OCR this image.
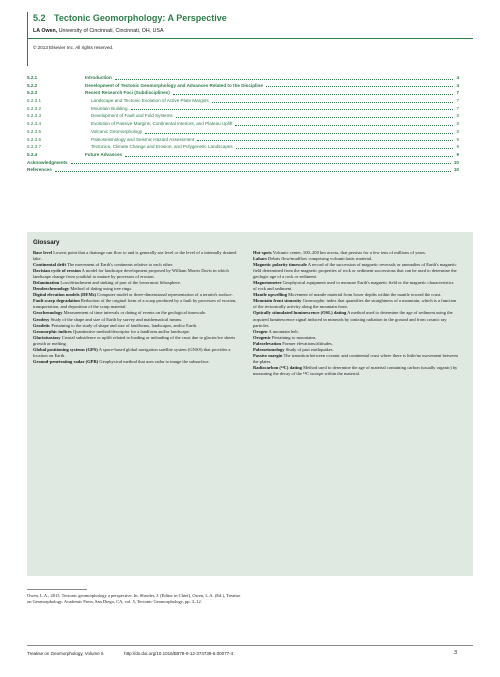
5.2 Tectonic Geomorphology: A Perspective
LA Owen, University of Cincinnati, Cincinnati, OH, USA
© 2013 Elsevier Inc. All rights reserved.
5.2.1	Introduction	4
5.2.2	Development of Tectonic Geomorphology and Advances Related to the Discipline	4
5.2.3	Recent Research Foci (Subdisciplines)	7
5.2.3.1	Landscape and Tectonic Evolution of Active Plate Margins	7
5.2.3.2	Mountain Building	7
5.2.3.3	Development of Fault and Fold Systems	8
5.2.3.4	Evolution of Passive Margins, Continental Interiors, and Plateau Uplift	8
5.2.3.5	Volcanic Geomorphology	8
5.2.3.6	Paleoseismology and Seismic Hazard Assessment	9
5.2.3.7	Tectonics, Climate Change and Erosion, and Polygenetic Landscapes	9
5.2.4	Future Advances	9
Acknowledgments	10
References	10
Glossary

Base level Lowest point that a drainage can flow to and is generally sea level or the level of a internally drained lake.

Continental drift The movement of Earth's continents relative to each other.

Davisian cycle of erosion A model for landscape development proposed by William Morris Davis in which landscape change from youthful to mature by processes of erosion.

Delamination Loss/detachment and sinking of part of the lowermost lithosphere.

Dendrochronology Method of dating using tree rings.

Digital elevation models (DEMs) Computer model or three-dimensional representation of a terrain's surface.

Fault scarp degradation Reduction of the original form of a scarp produced by a fault by processes of erosion, transportation, and deposition of the scarp material.

Geochronology Measurement of time intervals or dating of events on the geological timescale.

Geodesy Study of the shape and size of Earth by survey and mathematical means.

Geodetic Pertaining to the study of shape and size of landforms, landscapes, and/or Earth.

Geomorphic indices Quantitative method/descriptor for a landform and/or landscape.

Glacioisostasy Crustal subsidence or uplift related to loading or unloading of the crust due to glacier/ice sheets growth or melting.

Global positioning systems (GPS) A space-based global navigation satellite system (GNSS) that provides a location on Earth.

Ground-penetrating radar (GPR) Geophysical method that uses radar to image the subsurface.

Hot-spots Volcanic center, 100–200 km across, that persists for a few tens of millions of years.

Lahars Debris flow/mudflow comprising volcaniclastic material.

Magnetic polarity timescale A record of the succession of magnetic reversals or anomalies of Earth's magnetic field determined from the magnetic properties of rock or sediment successions that can be used to determine the geologic age of a rock or sediment.

Magnetometer Geophysical equipment used to measure Earth's magnetic field or the magnetic characteristics of rock and sediment.

Mantle upwelling Movement of mantle material from lower depths within the mantle toward the crust.

Mountain front sinuosity Geomorphic index that quantifies the straightness of a mountain, which is a function of the tectonically activity along the mountain front.

Optically stimulated luminescence (OSL) dating A method used to determine the age of sediment using the acquired luminescence signal induced in minerals by ionizing radiation in the ground and from cosmic ray particles.

Orogen A mountain belt.

Orogenic Pertaining to mountains.

Paleoelevation Former elevations/altitudes.

Paleoseismology Study of past earthquakes.

Passive margin The transition between oceanic and continental crust where there is little/no movement between the plates.

Radiocarbon (¹⁴C) dating Method used to determine the age of material containing carbon (usually organic) by measuring the decay of the ¹⁴C isotope within the material.

Owen, L.A., 2013. Tectonic geomorphology a perspective. In: Shroder, J. (Editor in Chief), Owen, L.A. (Ed.), Treatise on Geomorphology. Academic Press, San Diego, CA, vol. 5, Tectonic Geomorphology, pp. 3–12.
Treatise on Geomorphology, Volume 5	http://dx.doi.org/10.1016/B978-0-12-374739-6.00077-4	3
